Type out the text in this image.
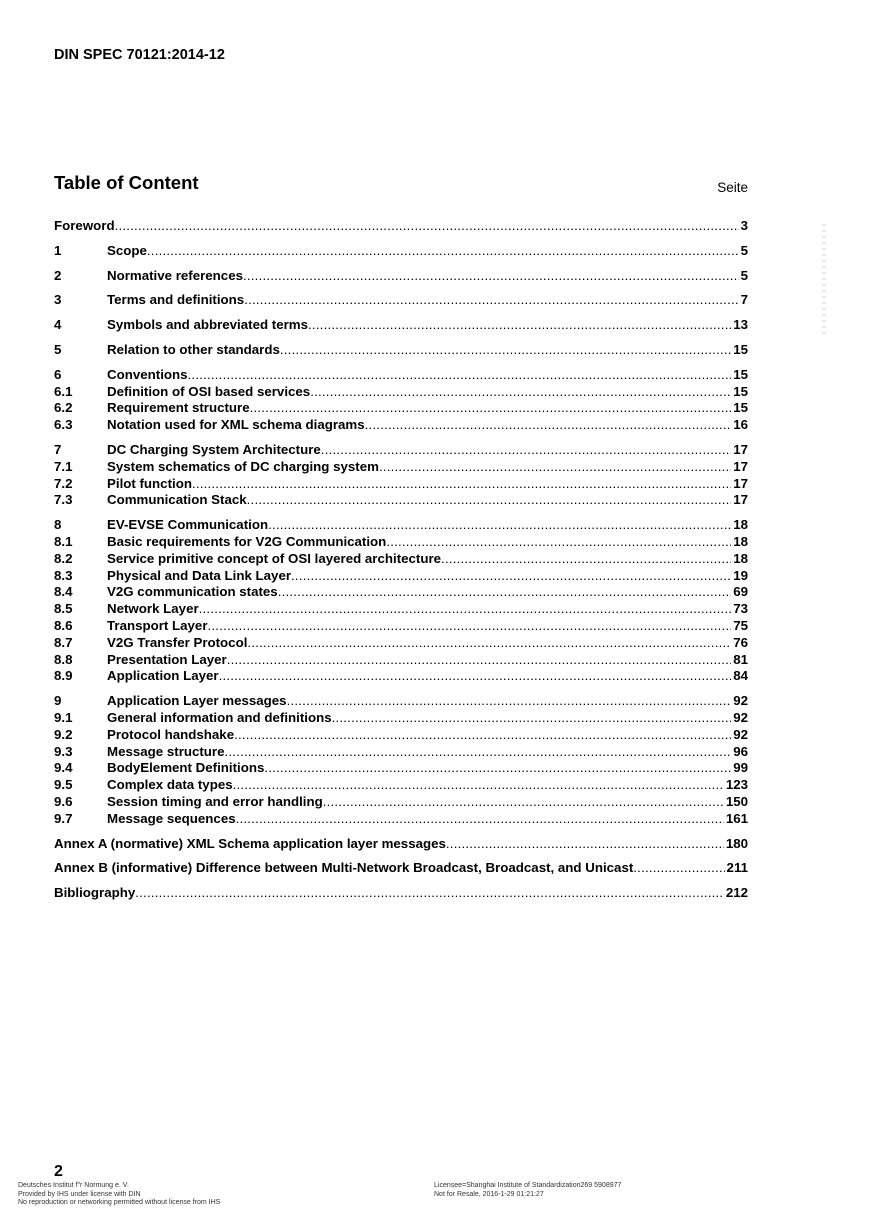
DIN SPEC 70121:2014-12
Table of Content	Seite
Foreword .....	3
1	Scope .....	5
2	Normative references .....	5
3	Terms and definitions .....	7
4	Symbols and abbreviated terms .....	13
5	Relation to other standards .....	15
6	Conventions .....	15
6.1	Definition of OSI based services .....	15
6.2	Requirement structure .....	15
6.3	Notation used for XML schema diagrams .....	16
7	DC Charging System Architecture .....	17
7.1	System schematics of DC charging system .....	17
7.2	Pilot function .....	17
7.3	Communication Stack .....	17
8	EV-EVSE Communication .....	18
8.1	Basic requirements for V2G Communication .....	18
8.2	Service primitive concept of OSI layered architecture .....	18
8.3	Physical and Data Link Layer .....	19
8.4	V2G communication states .....	69
8.5	Network Layer .....	73
8.6	Transport Layer .....	75
8.7	V2G Transfer Protocol .....	76
8.8	Presentation Layer .....	81
8.9	Application Layer .....	84
9	Application Layer messages .....	92
9.1	General information and definitions .....	92
9.2	Protocol handshake .....	92
9.3	Message structure .....	96
9.4	BodyElement Definitions .....	99
9.5	Complex data types .....	123
9.6	Session timing and error handling .....	150
9.7	Message sequences .....	161
Annex A (normative) XML Schema application layer messages .....	180
Annex B (informative) Difference between Multi-Network Broadcast, Broadcast, and Unicast .....	211
Bibliography .....	212
2
Deutsches Institut f"r Normung e. V.
Provided by IHS under license with DIN
No reproduction or networking permitted without license from IHS
Licensee=Shanghai Institute of Standardization269 5908977
Not for Resale, 2016-1-29 01:21:27
